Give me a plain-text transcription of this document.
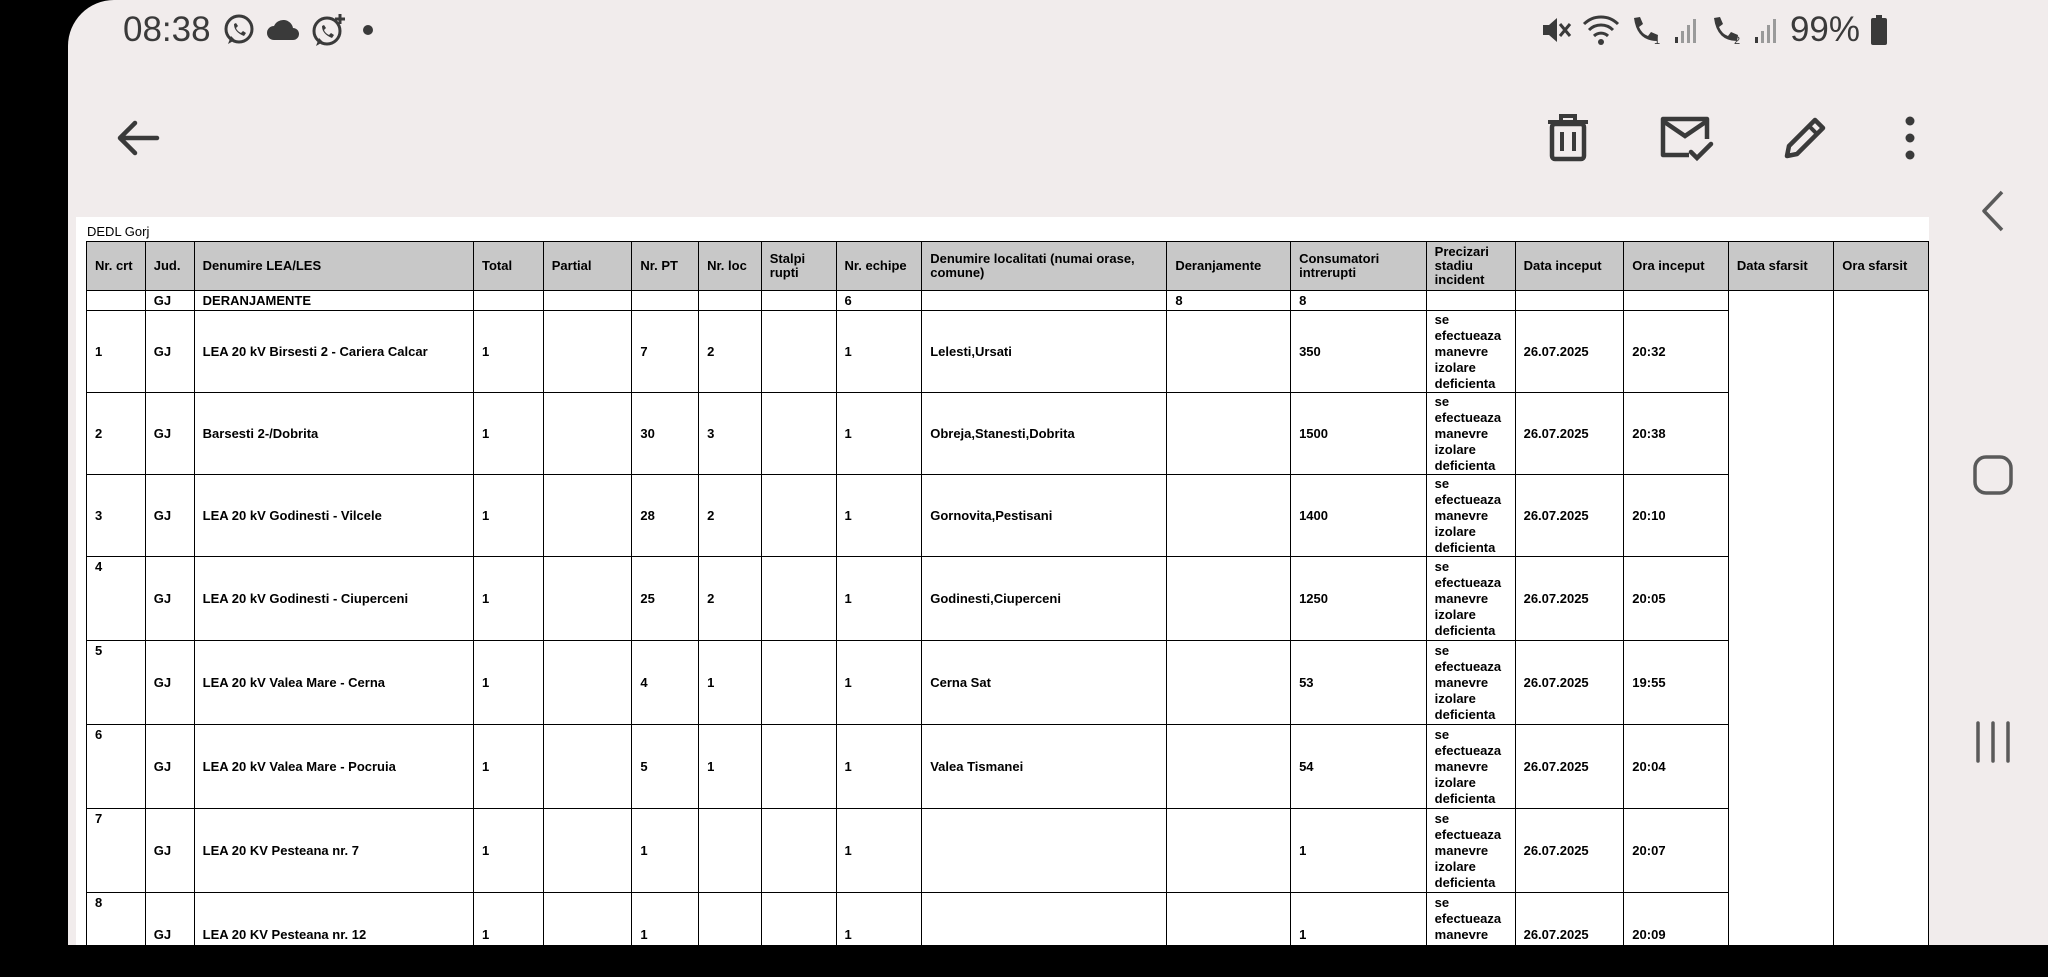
08:38	1	2 99%
DEDL Gorj
Nr. crt	Jud.	Denumire LEA/LES	Total	Partial	Nr. PT	Nr. loc	Stalpi rupti	Nr. echipe	Denumire localitati (numai orase, comune)	Deranjamente	Consumatori intrerupti	Precizari stadiu incident	Data inceput	Ora inceput	Data sfarsit	Ora sfarsit
	GJ	DERANJAMENTE						6		8	8					
1	GJ	LEA 20 kV Birsesti 2 - Cariera Calcar	1		7	2		1	Lelesti,Ursati		350	se efectueaza manevre izolare deficienta	26.07.2025	20:32		
2	GJ	Barsesti 2-/Dobrita	1		30	3		1	Obreja,Stanesti,Dobrita		1500	se efectueaza manevre izolare deficienta	26.07.2025	20:38		
3	GJ	LEA 20 kV Godinesti - Vilcele	1		28	2		1	Gornovita,Pestisani		1400	se efectueaza manevre izolare deficienta	26.07.2025	20:10		
4	GJ	LEA 20 kV Godinesti - Ciuperceni	1		25	2		1	Godinesti,Ciuperceni		1250	se efectueaza manevre izolare deficienta	26.07.2025	20:05		
5	GJ	LEA 20 kV Valea Mare - Cerna	1		4	1		1	Cerna Sat		53	se efectueaza manevre izolare deficienta	26.07.2025	19:55		
6	GJ	LEA 20 kV Valea Mare - Pocruia	1		5	1		1	Valea Tismanei		54	se efectueaza manevre izolare deficienta	26.07.2025	20:04		
7	GJ	LEA 20 KV Pesteana nr. 7	1		1			1			1	se efectueaza manevre izolare deficienta	26.07.2025	20:07		
8	GJ	LEA 20 KV Pesteana nr. 12	1		1			1			1	se efectueaza manevre izolare deficienta	26.07.2025	20:09		
